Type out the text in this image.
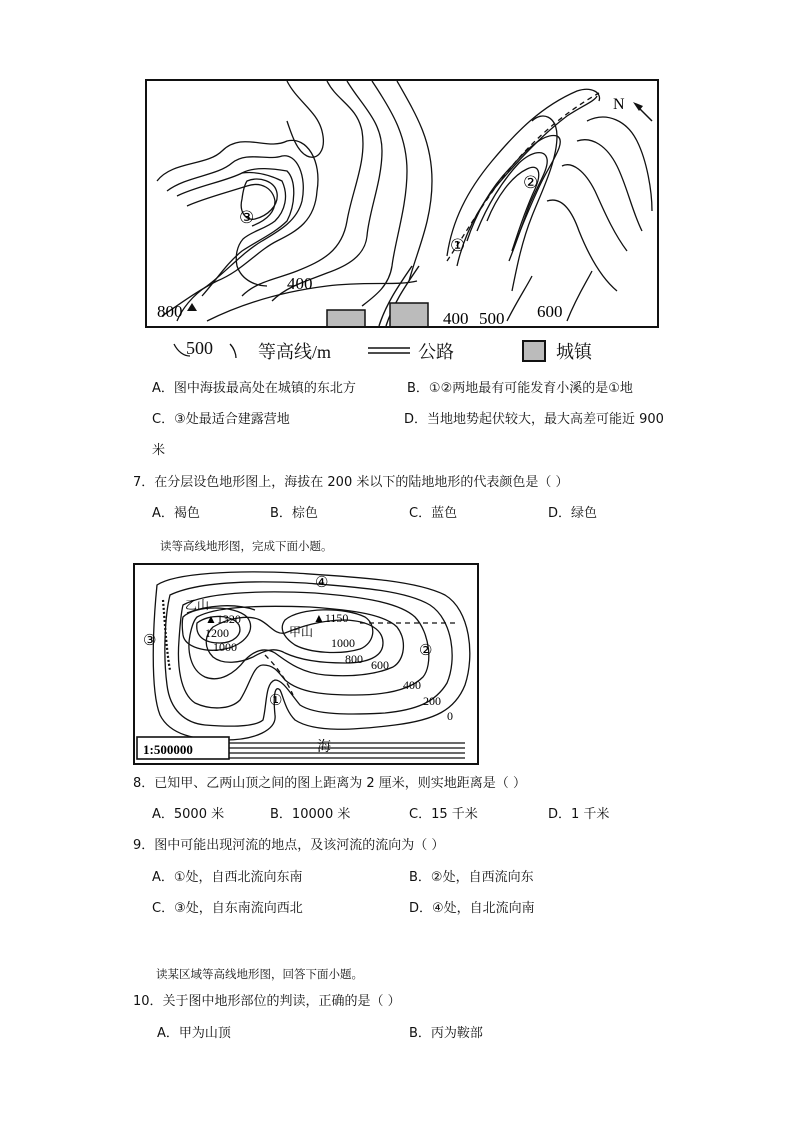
N
③
②
①
400
800	400 500 600
500	等高线/m	公路	城镇
A．图中海拔最高处在城镇的东北方	B．①②两地最有可能发育小溪的是①地
C．③处最适合建露营地	D．当地地势起伏较大，最大高差可能近 900
米
7．在分层设色地形图上，海拔在 200 米以下的陆地地形的代表颜色是（ ）
A．褐色	B．棕色	C．蓝色	D．绿色
读等高线地形图，完成下面小题。
1:500000
乙山
▲1320
1200
1000
▲1150
甲山
1000
800 600
400
200
0
海
①
②
③
④
8．已知甲、乙两山顶之间的图上距离为 2 厘米，则实地距离是（ ）
A．5000 米	B．10000 米	C．15 千米	D．1 千米
9．图中可能出现河流的地点，及该河流的流向为（ ）
A．①处，自西北流向东南	B．②处，自西流向东
C．③处，自东南流向西北	D．④处，自北流向南
读某区域等高线地形图，回答下面小题。
10．关于图中地形部位的判读，正确的是（ ）
A．甲为山顶	B．丙为鞍部
